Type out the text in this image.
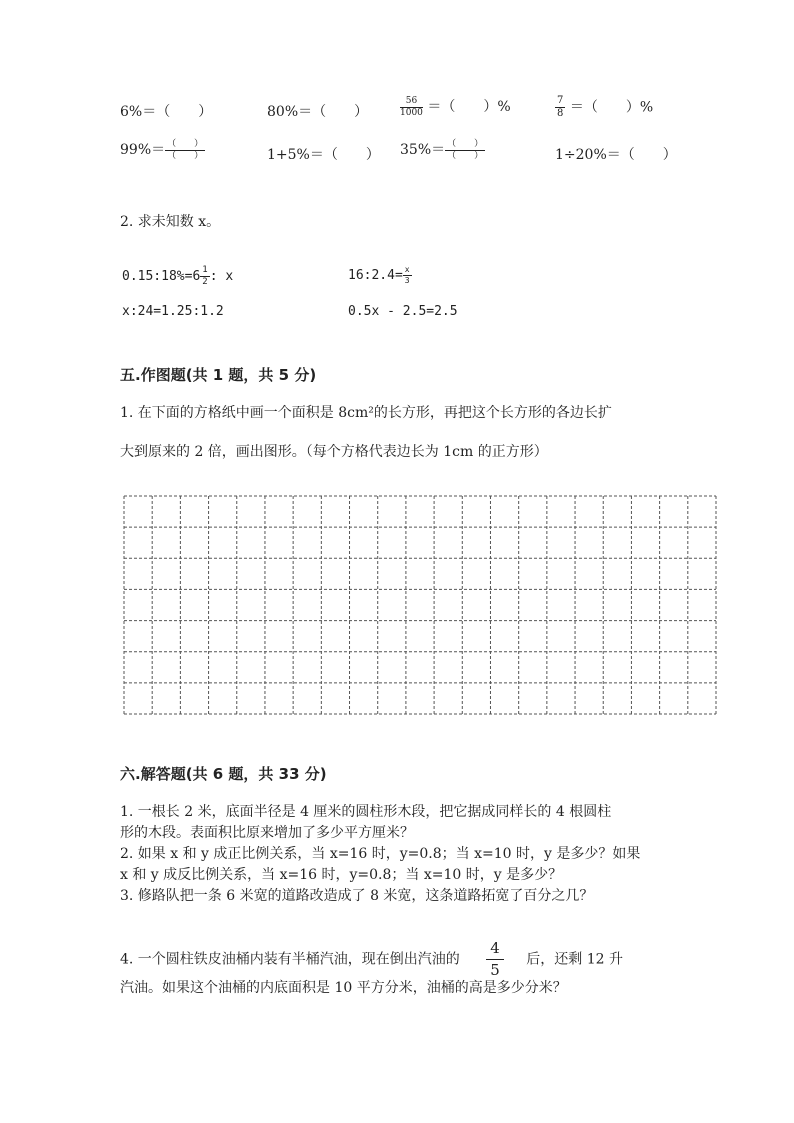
6%＝（　　）	80%＝（　　）	$\frac{56}{1000}$ ＝（　　）%	$\frac{7}{8}$ ＝（　　）%
$99\%= \frac{( )}{( )}$	1+5%＝（　　） $35\%= \frac{( )}{( )}$	1÷20%＝（　　）
2. 求未知数 x。
0.15:18%=6 $\frac{1}{2}$ : x	16:2.4= $\frac{x}{3}$
x:24=1.25:1.2	0.5x - 2.5=2.5
五.作图题(共 1 题，共 5 分)
1. 在下面的方格纸中画一个面积是 8cm²的长方形，再把这个长方形的各边长扩
大到原来的 2 倍，画出图形。（每个方格代表边长为 1cm 的正方形）
六.解答题(共 6 题，共 33 分)
1. 一根长 2 米，底面半径是 4 厘米的圆柱形木段，把它据成同样长的 4 根圆柱
形的木段。表面积比原来增加了多少平方厘米？
2. 如果 x 和 y 成正比例关系，当 x=16 时，y=0.8；当 x=10 时，y 是多少？如果
x 和 y 成反比例关系，当 x=16 时，y=0.8；当 x=10 时，y 是多少？
3. 修路队把一条 6 米宽的道路改造成了 8 米宽，这条道路拓宽了百分之几？
4. 一个圆柱铁皮油桶内装有半桶汽油，现在倒出汽油的 $\frac{4}{5}$ 后，还剩 12 升
汽油。如果这个油桶的内底面积是 10 平方分米，油桶的高是多少分米？
